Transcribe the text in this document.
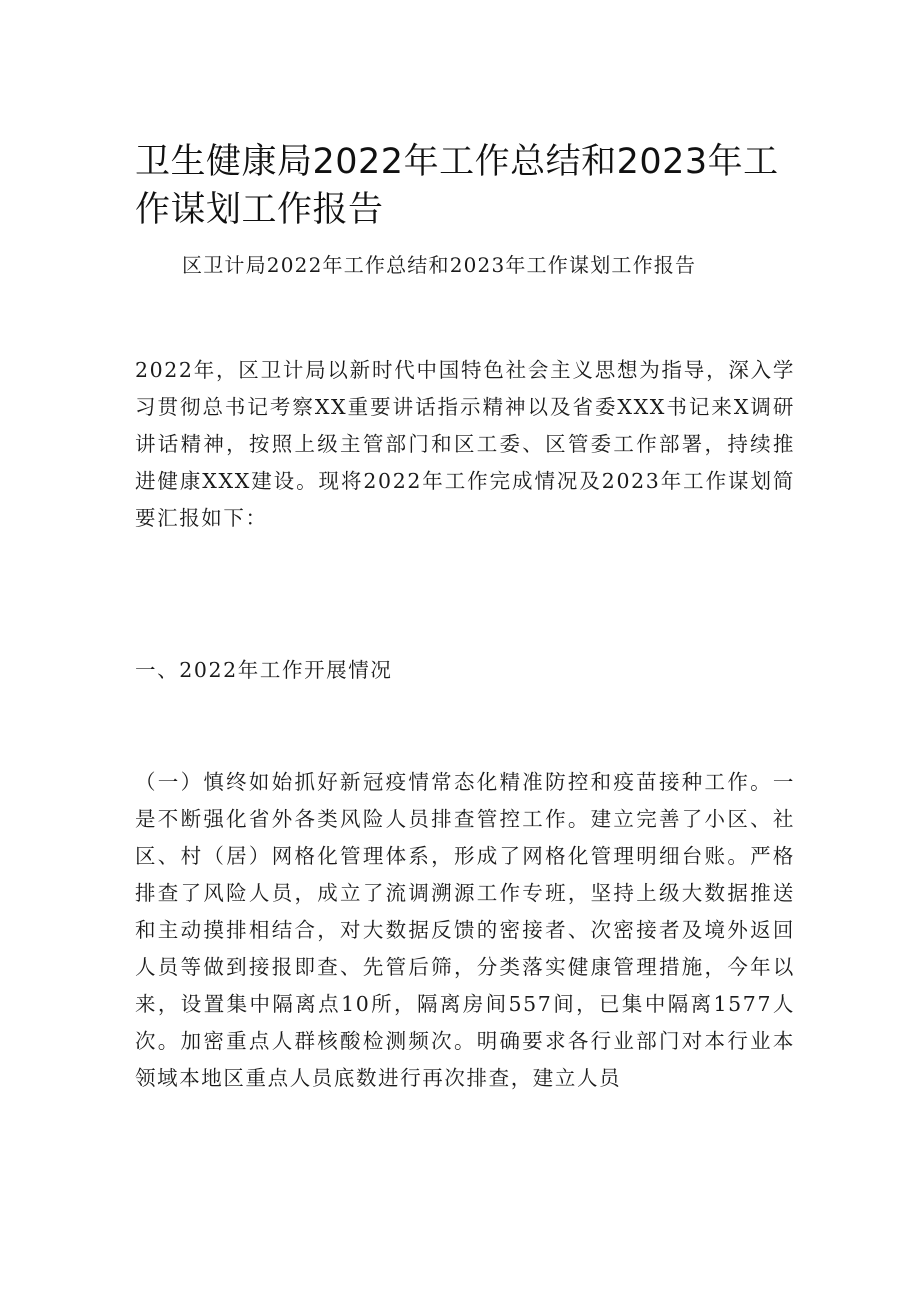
卫生健康局2022年工作总结和2023年工作谋划工作报告

区卫计局2022年工作总结和2023年工作谋划工作报告

2022年，区卫计局以新时代中国特色社会主义思想为指导，深入学习贯彻总书记考察XX重要讲话指示精神以及省委XXX书记来X调研讲话精神，按照上级主管部门和区工委、区管委工作部署，持续推进健康XXX建设。现将2022年工作完成情况及2023年工作谋划简要汇报如下：

一、2022年工作开展情况

（一）慎终如始抓好新冠疫情常态化精准防控和疫苗接种工作。一是不断强化省外各类风险人员排查管控工作。建立完善了小区、社区、村（居）网格化管理体系，形成了网格化管理明细台账。严格排查了风险人员，成立了流调溯源工作专班，坚持上级大数据推送和主动摸排相结合，对大数据反馈的密接者、次密接者及境外返回人员等做到接报即查、先管后筛，分类落实健康管理措施，今年以来，设置集中隔离点10所，隔离房间557间，已集中隔离1577人次。加密重点人群核酸检测频次。明确要求各行业部门对本行业本领域本地区重点人员底数进行再次排查，建立人员
